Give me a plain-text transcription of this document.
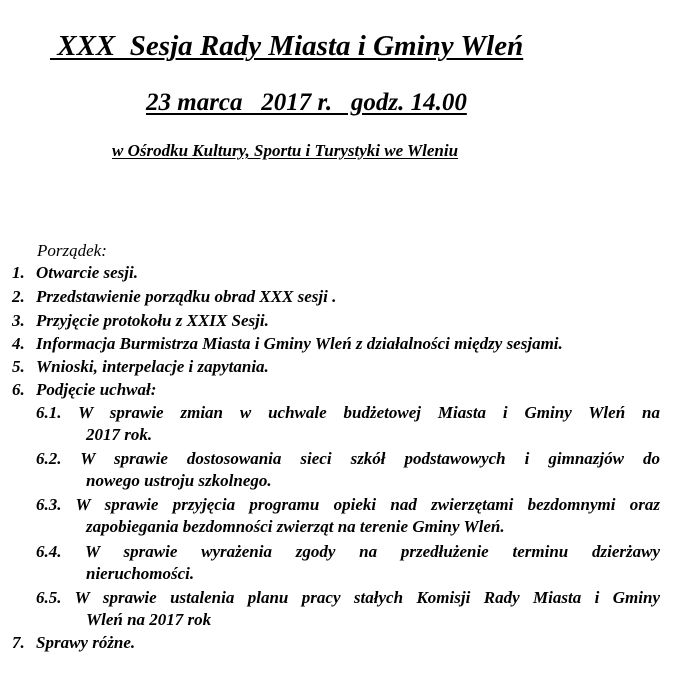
XXX  Sesja Rady Miasta i Gminy Wleń
23 marca   2017 r.   godz. 14.00
w Ośrodku Kultury, Sportu i Turystyki we Wleniu
Porządek:
1. Otwarcie sesji.
2. Przedstawienie porządku obrad XXX sesji .
3. Przyjęcie protokołu z XXIX Sesji.
4. Informacja Burmistrza Miasta i Gminy Wleń z działalności między sesjami.
5. Wnioski, interpelacje i zapytania.
6. Podjęcie uchwał:
6.1. W sprawie zmian w uchwale budżetowej Miasta i Gminy Wleń na
2017 rok.
6.2. W sprawie dostosowania sieci szkół podstawowych i gimnazjów do
nowego ustroju szkolnego.
6.3. W sprawie przyjęcia programu opieki nad zwierzętami bezdomnymi oraz
zapobiegania bezdomności zwierząt na terenie Gminy Wleń.
6.4. W sprawie wyrażenia zgody na przedłużenie terminu dzierżawy
nieruchomości.
6.5. W sprawie ustalenia planu pracy stałych Komisji Rady Miasta i Gminy
Wleń na 2017 rok
7. Sprawy różne.
